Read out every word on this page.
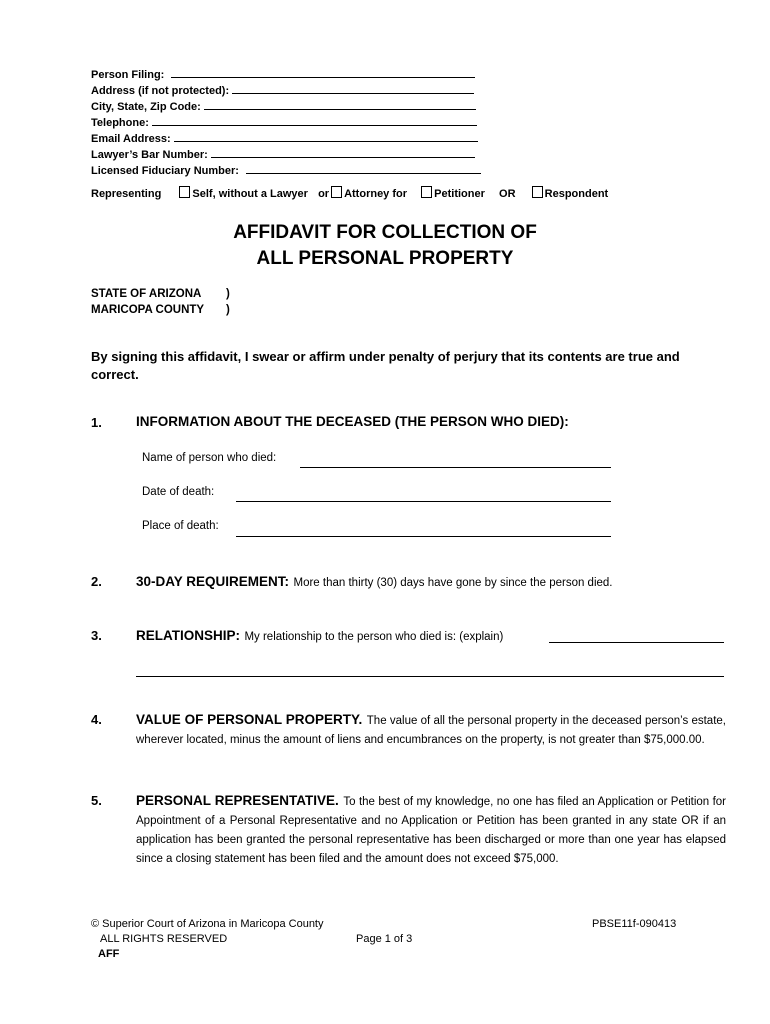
Person Filing:
Address (if not protected):
City, State, Zip Code:
Telephone:
Email Address:
Lawyer’s Bar Number:
Licensed Fiduciary Number:
Representing	Self, without a Lawyer or Attorney for Petitioner OR	Respondent
AFFIDAVIT FOR COLLECTION OF
ALL PERSONAL PROPERTY
STATE OF ARIZONA )
MARICOPA COUNTY )
By signing this affidavit, I swear or affirm under penalty of perjury that its contents are true and correct.
1.	INFORMATION ABOUT THE DECEASED (THE PERSON WHO DIED):
Name of person who died:
Date of death:
Place of death:
2.	30-DAY REQUIREMENT: More than thirty (30) days have gone by since the person died.
3.	RELATIONSHIP: My relationship to the person who died is: (explain)
4.	VALUE OF PERSONAL PROPERTY. The value of all the personal property in the deceased person’s estate, wherever located, minus the amount of liens and encumbrances on the property, is not greater than $75,000.00.
5.	PERSONAL REPRESENTATIVE. To the best of my knowledge, no one has filed an Application or Petition for Appointment of a Personal Representative and no Application or Petition has been granted in any state OR if an application has been granted the personal representative has been discharged or more than one year has elapsed since a closing statement has been filed and the amount does not exceed $75,000.
© Superior Court of Arizona in Maricopa County
ALL RIGHTS RESERVED
AFF
Page 1 of 3
PBSE11f-090413
